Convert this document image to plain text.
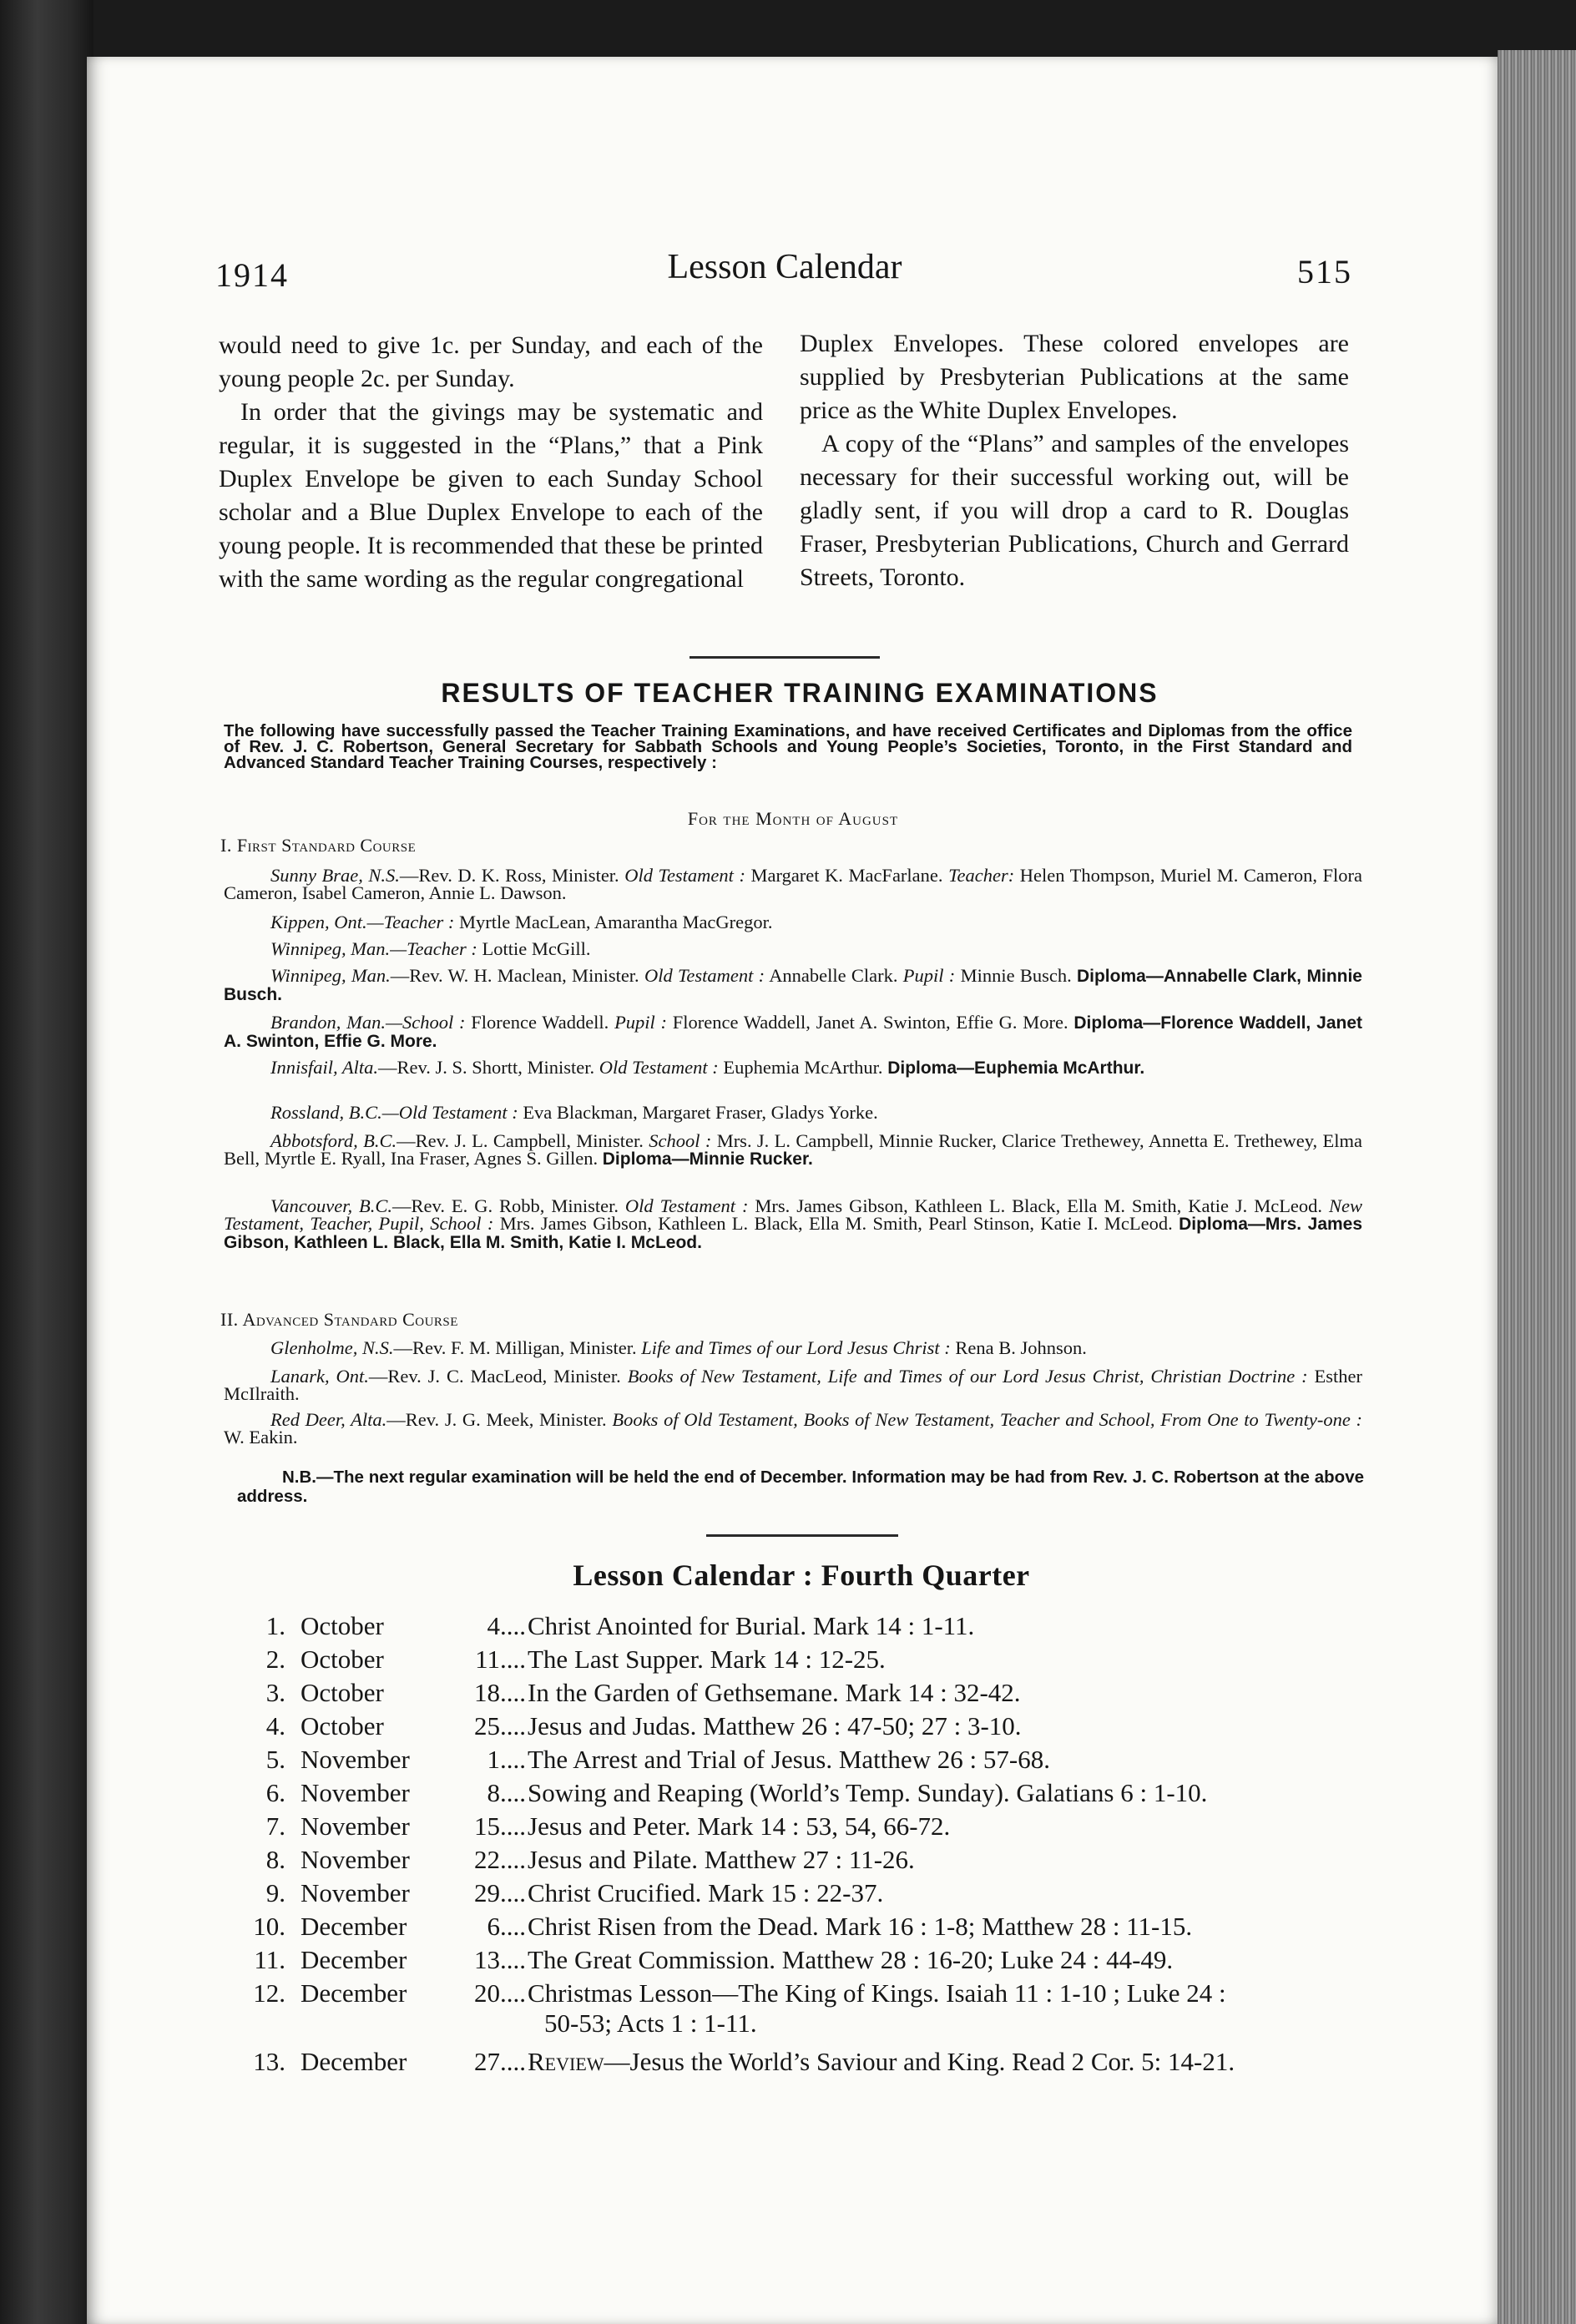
1914	Lesson Calendar	515

would need to give 1c. per Sunday, and each of the young people 2c. per Sunday.

In order that the givings may be systematic and regular, it is suggested in the “Plans,” that a Pink Duplex Envelope be given to each Sunday School scholar and a Blue Duplex Envelope to each of the young people. It is recommended that these be printed with the same wording as the regular congregational

Duplex Envelopes. These colored envelopes are supplied by Presbyterian Publications at the same price as the White Duplex Envelopes.

A copy of the “Plans” and samples of the envelopes necessary for their successful working out, will be gladly sent, if you will drop a card to R. Douglas Fraser, Presbyterian Publications, Church and Gerrard Streets, Toronto.

RESULTS OF TEACHER TRAINING EXAMINATIONS
The following have successfully passed the Teacher Training Examinations, and have received Certificates and Diplomas from the office of Rev. J. C. Robertson, General Secretary for Sabbath Schools and Young People’s Societies, Toronto, in the First Standard and Advanced Standard Teacher Training Courses, respectively :
For the Month of August
I. First Standard Course
Sunny Brae, N.S.—Rev. D. K. Ross, Minister. Old Testament : Margaret K. MacFarlane. Teacher: Helen Thompson, Muriel M. Cameron, Flora Cameron, Isabel Cameron, Annie L. Dawson.
Kippen, Ont.—Teacher : Myrtle MacLean, Amarantha MacGregor.
Winnipeg, Man.—Teacher : Lottie McGill.
Winnipeg, Man.—Rev. W. H. Maclean, Minister. Old Testament : Annabelle Clark. Pupil : Minnie Busch. Diploma—Annabelle Clark, Minnie Busch.
Brandon, Man.—School : Florence Waddell. Pupil : Florence Waddell, Janet A. Swinton, Effie G. More. Diploma—Florence Waddell, Janet A. Swinton, Effie G. More.
Innisfail, Alta.—Rev. J. S. Shortt, Minister. Old Testament : Euphemia McArthur. Diploma—Euphemia McArthur.
Rossland, B.C.—Old Testament : Eva Blackman, Margaret Fraser, Gladys Yorke.
Abbotsford, B.C.—Rev. J. L. Campbell, Minister. School : Mrs. J. L. Campbell, Minnie Rucker, Clarice Trethewey, Annetta E. Trethewey, Elma Bell, Myrtle E. Ryall, Ina Fraser, Agnes S. Gillen. Diploma—Minnie Rucker.
Vancouver, B.C.—Rev. E. G. Robb, Minister. Old Testament : Mrs. James Gibson, Kathleen L. Black, Ella M. Smith, Katie J. McLeod. New Testament, Teacher, Pupil, School : Mrs. James Gibson, Kathleen L. Black, Ella M. Smith, Pearl Stinson, Katie I. McLeod. Diploma—Mrs. James Gibson, Kathleen L. Black, Ella M. Smith, Katie I. McLeod.
II. Advanced Standard Course
Glenholme, N.S.—Rev. F. M. Milligan, Minister. Life and Times of our Lord Jesus Christ : Rena B. Johnson.
Lanark, Ont.—Rev. J. C. MacLeod, Minister. Books of New Testament, Life and Times of our Lord Jesus Christ, Christian Doctrine : Esther McIlraith.
Red Deer, Alta.—Rev. J. G. Meek, Minister. Books of Old Testament, Books of New Testament, Teacher and School, From One to Twenty-one : W. Eakin.
N.B.—The next regular examination will be held the end of December. Information may be had from Rev. J. C. Robertson at the above address.
Lesson Calendar : Fourth Quarter
1. October	4.... Christ Anointed for Burial. Mark 14 : 1-11.
2. October	11.... The Last Supper. Mark 14 : 12-25.
3. October	18.... In the Garden of Gethsemane. Mark 14 : 32-42.
4. October	25.... Jesus and Judas. Matthew 26 : 47-50; 27 : 3-10.
5. November	1.... The Arrest and Trial of Jesus. Matthew 26 : 57-68.
6. November	8.... Sowing and Reaping (World’s Temp. Sunday). Galatians 6 : 1-10.
7. November	15.... Jesus and Peter. Mark 14 : 53, 54, 66-72.
8. November	22.... Jesus and Pilate. Matthew 27 : 11-26.
9. November	29.... Christ Crucified. Mark 15 : 22-37.
10. December	6.... Christ Risen from the Dead. Mark 16 : 1-8; Matthew 28 : 11-15.
11. December	13.... The Great Commission. Matthew 28 : 16-20; Luke 24 : 44-49.
12. December	20.... Christmas Lesson—The King of Kings. Isaiah 11 : 1-10 ; Luke 24 :
50-53; Acts 1 : 1-11.
13. December	27.... Review—Jesus the World’s Saviour and King. Read 2 Cor. 5: 14-21.
